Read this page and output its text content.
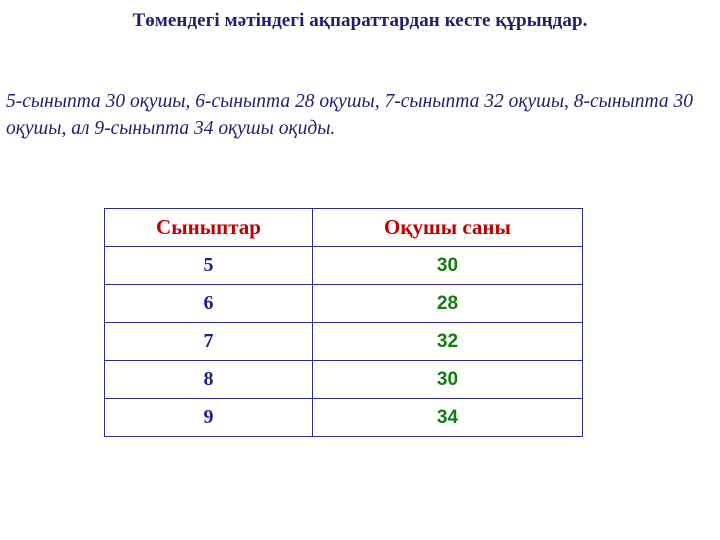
Төмендегі мәтіндегі ақпараттардан кесте құрыңдар.
5-сыныпта 30 оқушы, 6-сыныпта 28 оқушы, 7-сыныпта 32 оқушы, 8-сыныпта 30 оқушы, ал 9-сыныпта 34 оқушы оқиды.
Сыныптар	Оқушы саны
5	30
6	28
7	32
8	30
9	34
